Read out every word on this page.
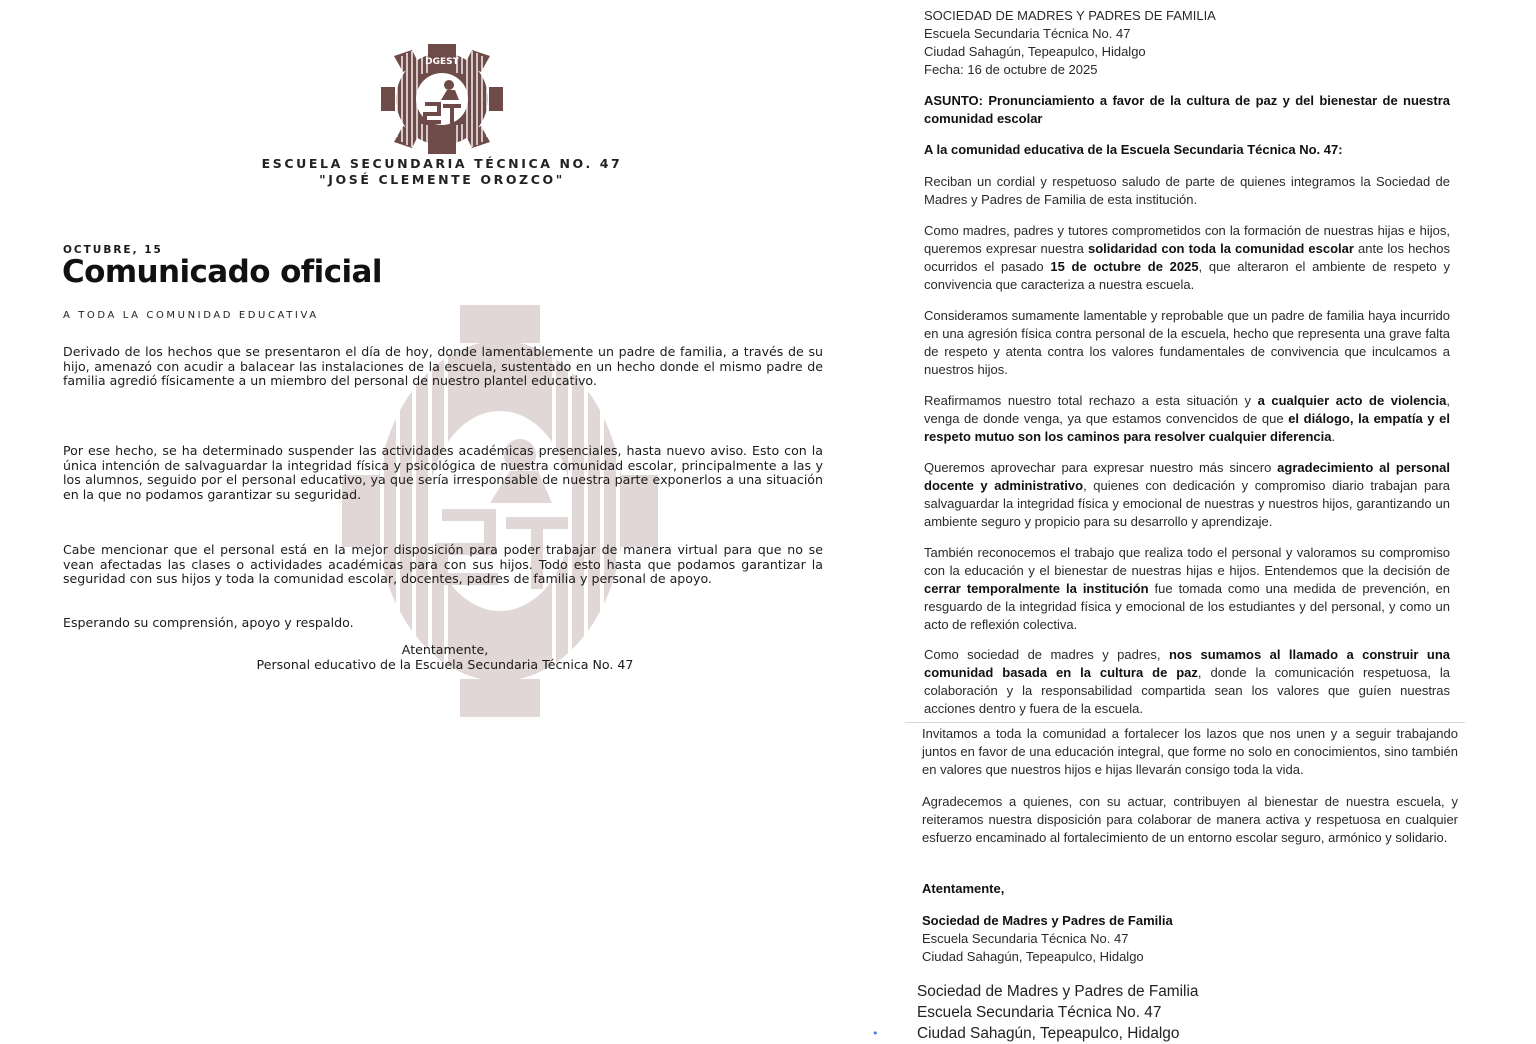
DGEST
ESCUELA SECUNDARIA TÉCNICA NO. 47
"JOSÉ CLEMENTE OROZCO"
OCTUBRE, 15
Comunicado oficial
A TODA LA COMUNIDAD EDUCATIVA

Derivado de los hechos que se presentaron el día de hoy, donde lamentablemente un padre de familia, a través de su hijo, amenazó con acudir a balacear las instalaciones de la escuela, sustentado en un hecho donde el mismo padre de familia agredió físicamente a un miembro del personal de nuestro plantel educativo.

Por ese hecho, se ha determinado suspender las actividades académicas presenciales, hasta nuevo aviso. Esto con la única intención de salvaguardar la integridad física y psicológica de nuestra comunidad escolar, principalmente a las y los alumnos, seguido por el personal educativo, ya que sería irresponsable de nuestra parte exponerlos a una situación en la que no podamos garantizar su seguridad.

Cabe mencionar que el personal está en la mejor disposición para poder trabajar de manera virtual para que no se vean afectadas las clases o actividades académicas para con sus hijos. Todo esto hasta que podamos garantizar la seguridad con sus hijos y toda la comunidad escolar, docentes, padres de familia y personal de apoyo.

Esperando su comprensión, apoyo y respaldo.

Atentamente,
Personal educativo de la Escuela Secundaria Técnica No. 47
SOCIEDAD DE MADRES Y PADRES DE FAMILIA
Escuela Secundaria Técnica No. 47
Ciudad Sahagún, Tepeapulco, Hidalgo
Fecha: 16 de octubre de 2025

ASUNTO: Pronunciamiento a favor de la cultura de paz y del bienestar de nuestra comunidad escolar

A la comunidad educativa de la Escuela Secundaria Técnica No. 47:

Reciban un cordial y respetuoso saludo de parte de quienes integramos la Sociedad de Madres y Padres de Familia de esta institución.

Como madres, padres y tutores comprometidos con la formación de nuestras hijas e hijos, queremos expresar nuestra solidaridad con toda la comunidad escolar ante los hechos ocurridos el pasado 15 de octubre de 2025, que alteraron el ambiente de respeto y convivencia que caracteriza a nuestra escuela.

Consideramos sumamente lamentable y reprobable que un padre de familia haya incurrido en una agresión física contra personal de la escuela, hecho que representa una grave falta de respeto y atenta contra los valores fundamentales de convivencia que inculcamos a nuestros hijos.

Reafirmamos nuestro total rechazo a esta situación y a cualquier acto de violencia, venga de donde venga, ya que estamos convencidos de que el diálogo, la empatía y el respeto mutuo son los caminos para resolver cualquier diferencia.

Queremos aprovechar para expresar nuestro más sincero agradecimiento al personal docente y administrativo, quienes con dedicación y compromiso diario trabajan para salvaguardar la integridad física y emocional de nuestras y nuestros hijos, garantizando un ambiente seguro y propicio para su desarrollo y aprendizaje.

También reconocemos el trabajo que realiza todo el personal y valoramos su compromiso con la educación y el bienestar de nuestras hijas e hijos. Entendemos que la decisión de cerrar temporalmente la institución fue tomada como una medida de prevención, en resguardo de la integridad física y emocional de los estudiantes y del personal, y como un acto de reflexión colectiva.

Como sociedad de madres y padres, nos sumamos al llamado a construir una comunidad basada en la cultura de paz, donde la comunicación respetuosa, la colaboración y la responsabilidad compartida sean los valores que guíen nuestras acciones dentro y fuera de la escuela.

Invitamos a toda la comunidad a fortalecer los lazos que nos unen y a seguir trabajando juntos en favor de una educación integral, que forme no solo en conocimientos, sino también en valores que nuestros hijos e hijas llevarán consigo toda la vida.

Agradecemos a quienes, con su actuar, contribuyen al bienestar de nuestra escuela, y reiteramos nuestra disposición para colaborar de manera activa y respetuosa en cualquier esfuerzo encaminado al fortalecimiento de un entorno escolar seguro, armónico y solidario.

Atentamente,
Sociedad de Madres y Padres de Familia
Escuela Secundaria Técnica No. 47
Ciudad Sahagún, Tepeapulco, Hidalgo
Sociedad de Madres y Padres de Familia
Escuela Secundaria Técnica No. 47
Ciudad Sahagún, Tepeapulco, Hidalgo
•
